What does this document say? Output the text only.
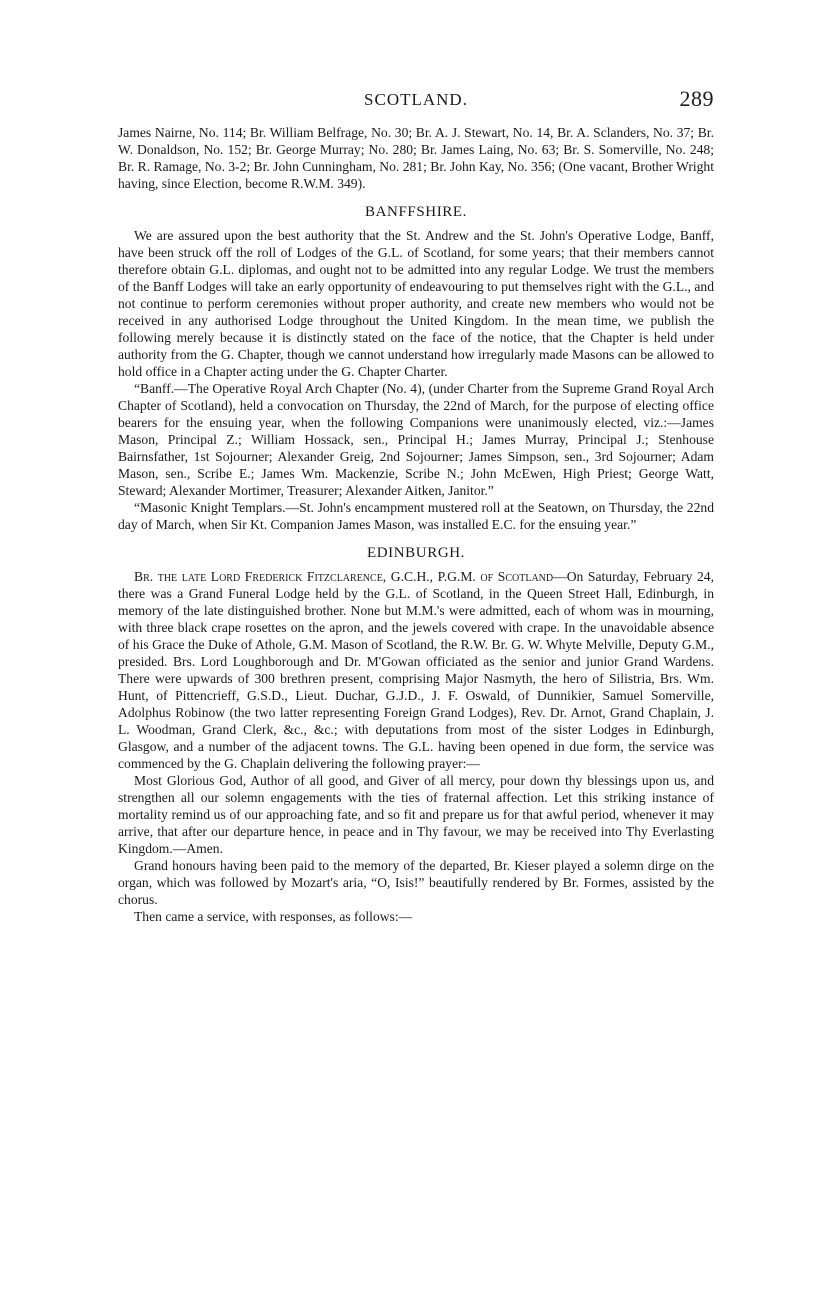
SCOTLAND.	289

James Nairne, No. 114; Br. William Belfrage, No. 30; Br. A. J. Stewart, No. 14, Br. A. Sclanders, No. 37; Br. W. Donaldson, No. 152; Br. George Murray; No. 280; Br. James Laing, No. 63; Br. S. Somerville, No. 248; Br. R. Ramage, No. 3-2; Br. John Cunningham, No. 281; Br. John Kay, No. 356; (One vacant, Brother Wright having, since Election, become R.W.M. 349).

BANFFSHIRE.

We are assured upon the best authority that the St. Andrew and the St. John's Operative Lodge, Banff, have been struck off the roll of Lodges of the G.L. of Scotland, for some years; that their members cannot therefore obtain G.L. diplomas, and ought not to be admitted into any regular Lodge. We trust the members of the Banff Lodges will take an early opportunity of endeavouring to put themselves right with the G.L., and not continue to perform ceremonies without proper authority, and create new members who would not be received in any authorised Lodge throughout the United Kingdom. In the mean time, we publish the following merely because it is distinctly stated on the face of the notice, that the Chapter is held under authority from the G. Chapter, though we cannot understand how irregularly made Masons can be allowed to hold office in a Chapter acting under the G. Chapter Charter.

“Banff.—The Operative Royal Arch Chapter (No. 4), (under Charter from the Supreme Grand Royal Arch Chapter of Scotland), held a convocation on Thursday, the 22nd of March, for the purpose of electing office bearers for the ensuing year, when the following Companions were unanimously elected, viz.:—James Mason, Principal Z.; William Hossack, sen., Principal H.; James Murray, Principal J.; Stenhouse Bairnsfather, 1st Sojourner; Alexander Greig, 2nd Sojourner; James Simpson, sen., 3rd Sojourner; Adam Mason, sen., Scribe E.; James Wm. Mackenzie, Scribe N.; John McEwen, High Priest; George Watt, Steward; Alexander Mortimer, Treasurer; Alexander Aitken, Janitor.”

“Masonic Knight Templars.—St. John's encampment mustered roll at the Seatown, on Thursday, the 22nd day of March, when Sir Kt. Companion James Mason, was installed E.C. for the ensuing year.”

EDINBURGH.

Br. the late Lord Frederick Fitzclarence, G.C.H., P.G.M. of Scotland—On Saturday, February 24, there was a Grand Funeral Lodge held by the G.L. of Scotland, in the Queen Street Hall, Edinburgh, in memory of the late distinguished brother. None but M.M.'s were admitted, each of whom was in mourning, with three black crape rosettes on the apron, and the jewels covered with crape. In the unavoidable absence of his Grace the Duke of Athole, G.M. Mason of Scotland, the R.W. Br. G. W. Whyte Melville, Deputy G.M., presided. Brs. Lord Loughborough and Dr. M'Gowan officiated as the senior and junior Grand Wardens. There were upwards of 300 brethren present, comprising Major Nasmyth, the hero of Silistria, Brs. Wm. Hunt, of Pittencrieff, G.S.D., Lieut. Duchar, G.J.D., J. F. Oswald, of Dunnikier, Samuel Somerville, Adolphus Robinow (the two latter representing Foreign Grand Lodges), Rev. Dr. Arnot, Grand Chaplain, J. L. Woodman, Grand Clerk, &c., &c.; with deputations from most of the sister Lodges in Edinburgh, Glasgow, and a number of the adjacent towns. The G.L. having been opened in due form, the service was commenced by the G. Chaplain delivering the following prayer:—

Most Glorious God, Author of all good, and Giver of all mercy, pour down thy blessings upon us, and strengthen all our solemn engagements with the ties of fraternal affection. Let this striking instance of mortality remind us of our approaching fate, and so fit and prepare us for that awful period, whenever it may arrive, that after our departure hence, in peace and in Thy favour, we may be received into Thy Everlasting Kingdom.—Amen.

Grand honours having been paid to the memory of the departed, Br. Kieser played a solemn dirge on the organ, which was followed by Mozart's aria, “O, Isis!” beautifully rendered by Br. Formes, assisted by the chorus.

Then came a service, with responses, as follows:—
